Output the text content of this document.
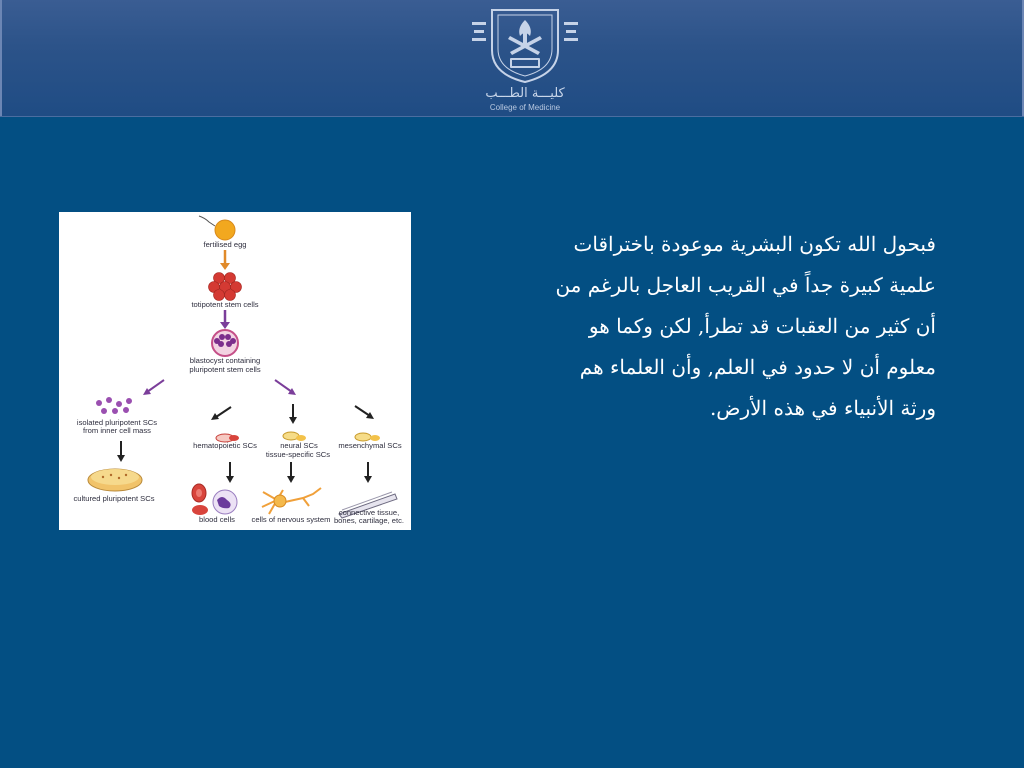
كليـــة الطـــب
College of Medicine
fertilised egg
totipotent stem cells
blastocyst containing
pluripotent stem cells
isolated pluripotent SCs
from inner cell mass
cultured pluripotent SCs
hematopoietic SCs	neural SCs	mesenchymal SCs
tissue-specific SCs
blood cells cells of nervous system
connective tissue,
bones, cartilage, etc.
فبحول الله تكون البشرية موعودة باختراقات
علمية كبيرة جداً في القريب العاجل بالرغم من
أن كثير من العقبات قد تطرأ, لكن وكما هو
معلوم أن لا حدود في العلم, وأن العلماء هم
ورثة الأنبياء في هذه الأرض.
